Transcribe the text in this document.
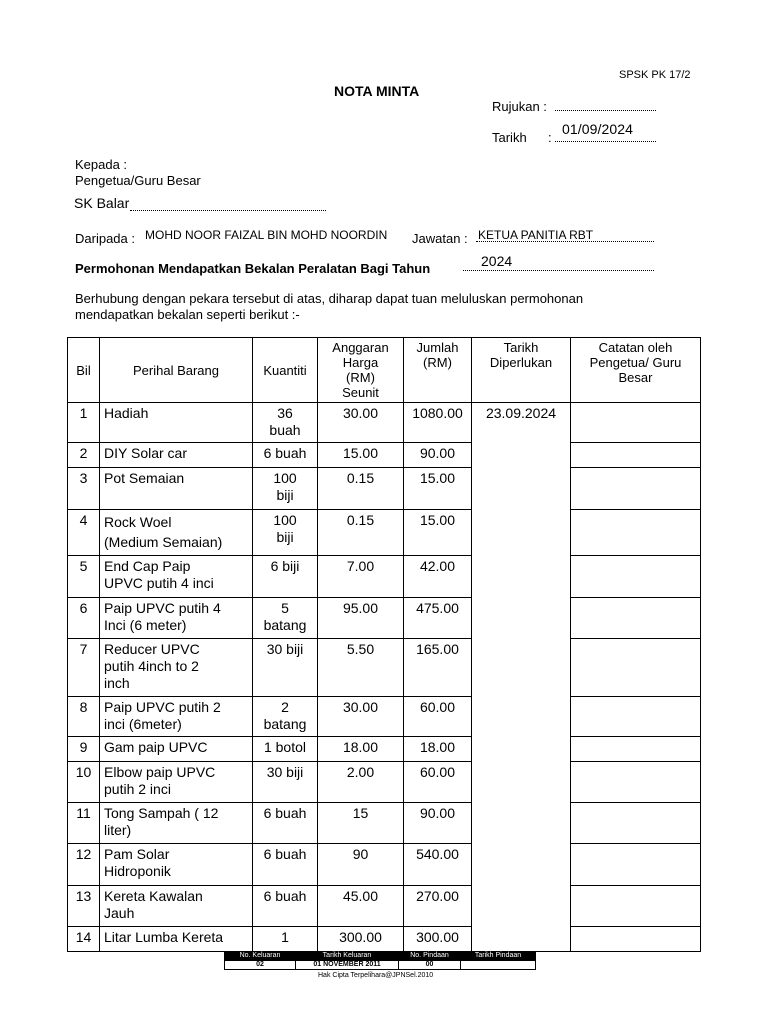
SPSK PK 17/2
NOTA MINTA
Rujukan :
01/09/2024
Tarikh :
Kepada :
Pengetua/Guru Besar
SK Balar
Daripada : MOHD NOOR FAIZAL BIN MOHD NOORDIN Jawatan : KETUA PANITIA RBT
Permohonan Mendapatkan Bekalan Peralatan Bagi Tahun	2024
Berhubung dengan pekara tersebut di atas, diharap dapat tuan meluluskan permohonan
mendapatkan bekalan seperti berikut :-
Bil	Perihal Barang	Kuantiti	Anggaran
Harga
(RM)
Seunit	Jumlah
(RM)	Tarikh
Diperlukan	Catatan oleh
Pengetua/ Guru
Besar
1	Hadiah	36
buah	30.00	1080.00	23.09.2024	
2	DIY Solar car	6 buah	15.00	90.00		
3	Pot Semaian	100
biji	0.15	15.00		
4	Rock Woel
(Medium Semaian)	100
biji	0.15	15.00		
5	End Cap Paip
UPVC putih 4 inci	6 biji	7.00	42.00		
6	Paip UPVC putih 4
Inci (6 meter)	5
batang	95.00	475.00		
7	Reducer UPVC
putih 4inch to 2
inch	30 biji	5.50	165.00		
8	Paip UPVC putih 2
inci (6meter)	2
batang	30.00	60.00		
9	Gam paip UPVC	1 botol	18.00	18.00		
10	Elbow paip UPVC
putih 2 inci	30 biji	2.00	60.00		
11	Tong Sampah ( 12
liter)	6 buah	15	90.00		
12	Pam Solar
Hidroponik	6 buah	90	540.00		
13	Kereta Kawalan
Jauh	6 buah	45.00	270.00		
14	Litar Lumba Kereta	1	300.00	300.00		
No. Keluaran	Tarikh Keluaran	No. Pindaan	Tarikh Pindaan
02	01 NOVEMBER 2011	00	
Hak Cipta Terpelihara@JPNSel.2010
